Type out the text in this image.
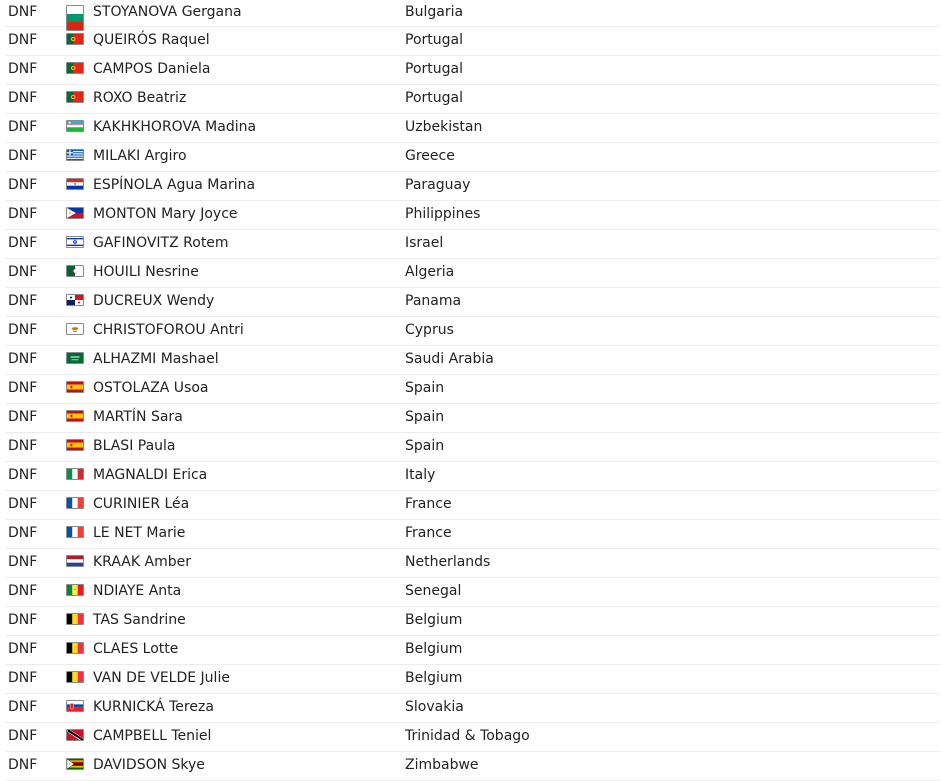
DNF	STOYANOVA Gergana	Bulgaria
DNF	QUEIRÓS Raquel	Portugal
DNF	CAMPOS Daniela	Portugal
DNF	ROXO Beatriz	Portugal
DNF	KAKHKHOROVA Madina	Uzbekistan
DNF	MILAKI Argiro	Greece
DNF	ESPÍNOLA Agua Marina	Paraguay
DNF	MONTON Mary Joyce	Philippines
DNF	GAFINOVITZ Rotem	Israel
DNF	HOUILI Nesrine	Algeria
DNF	DUCREUX Wendy	Panama
DNF	CHRISTOFOROU Antri	Cyprus
DNF	ALHAZMI Mashael	Saudi Arabia
DNF	OSTOLAZA Usoa	Spain
DNF	MARTÍN Sara	Spain
DNF	BLASI Paula	Spain
DNF	MAGNALDI Erica	Italy
DNF	CURINIER Léa	France
DNF	LE NET Marie	France
DNF	KRAAK Amber	Netherlands
DNF	NDIAYE Anta	Senegal
DNF	TAS Sandrine	Belgium
DNF	CLAES Lotte	Belgium
DNF	VAN DE VELDE Julie	Belgium
DNF	KURNICKÁ Tereza	Slovakia
DNF	CAMPBELL Teniel	Trinidad & Tobago
DNF	DAVIDSON Skye	Zimbabwe
